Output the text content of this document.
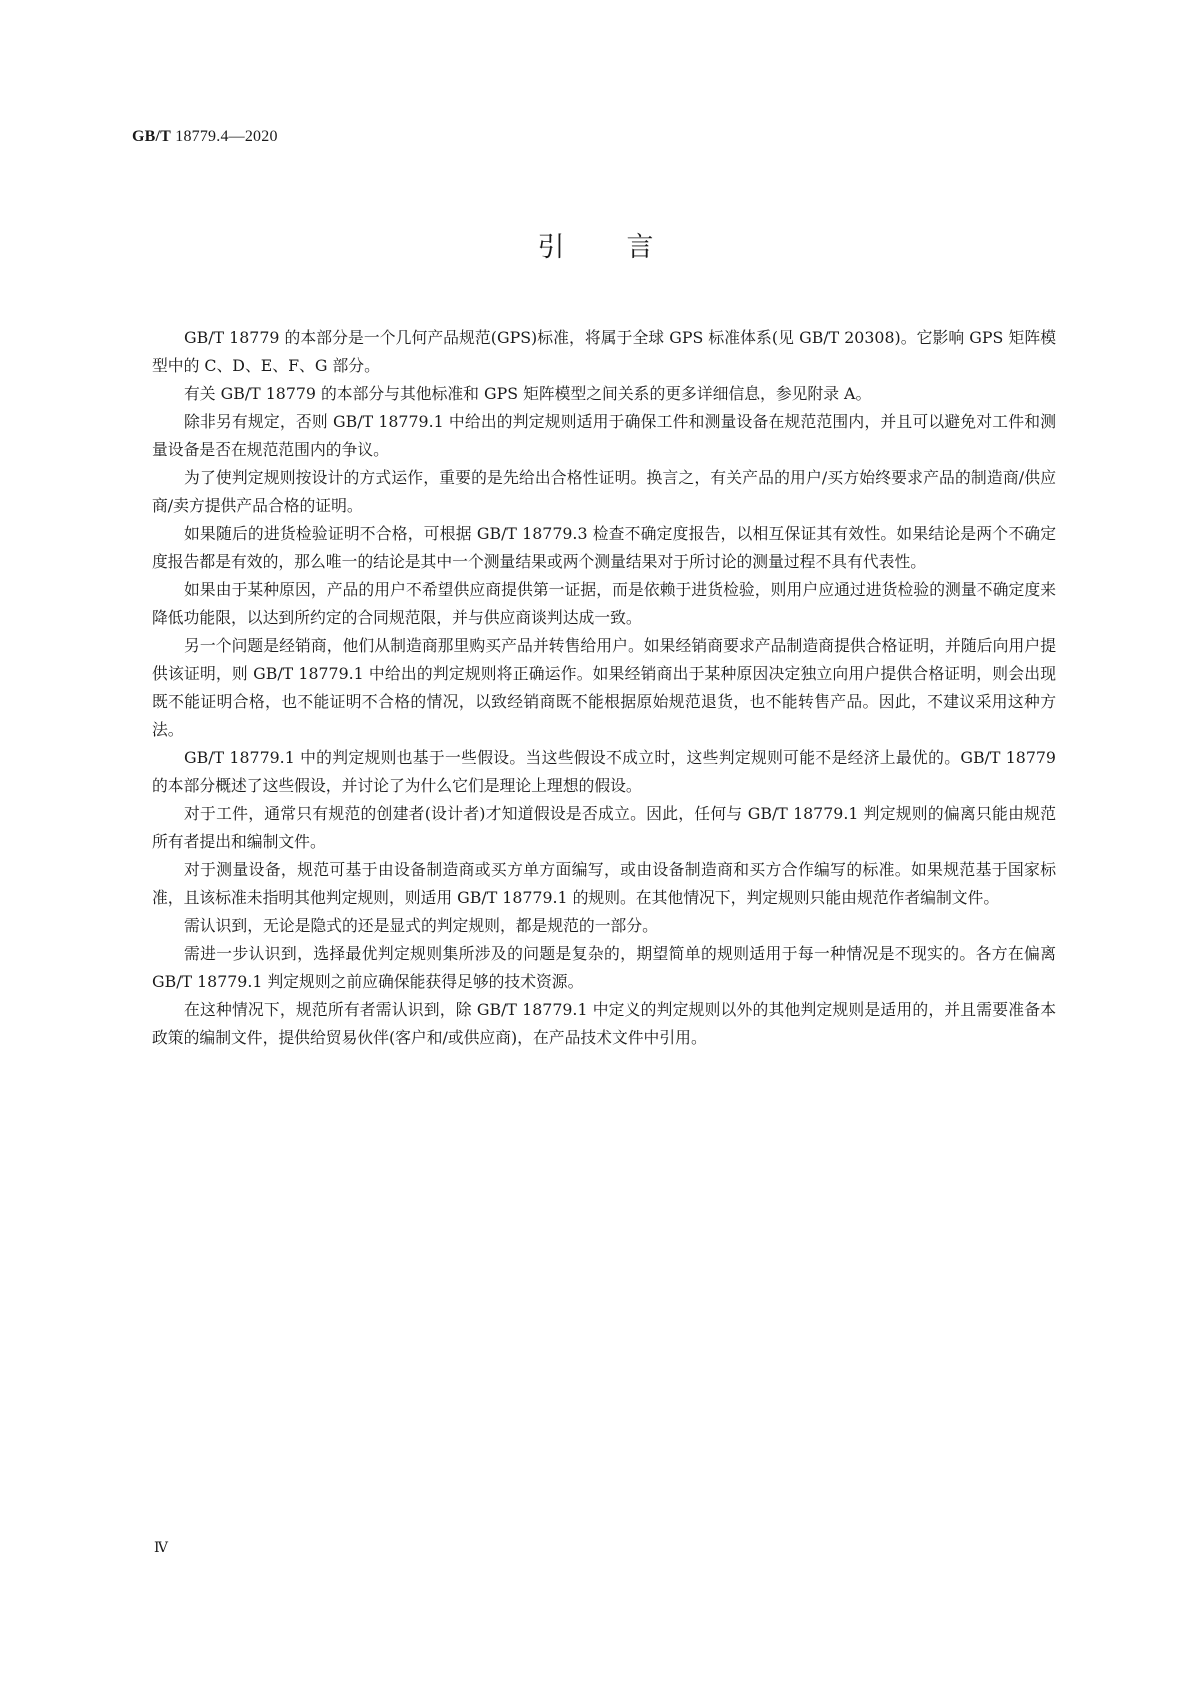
GB/T 18779.4—2020
引言

GB/T 18779 的本部分是一个几何产品规范(GPS)标准，将属于全球 GPS 标准体系(见 GB/T 20308)。它影响 GPS 矩阵模型中的 C、D、E、F、G 部分。

有关 GB/T 18779 的本部分与其他标准和 GPS 矩阵模型之间关系的更多详细信息，参见附录 A。

除非另有规定，否则 GB/T 18779.1 中给出的判定规则适用于确保工件和测量设备在规范范围内，并且可以避免对工件和测量设备是否在规范范围内的争议。

为了使判定规则按设计的方式运作，重要的是先给出合格性证明。换言之，有关产品的用户/买方始终要求产品的制造商/供应商/卖方提供产品合格的证明。

如果随后的进货检验证明不合格，可根据 GB/T 18779.3 检查不确定度报告，以相互保证其有效性。如果结论是两个不确定度报告都是有效的，那么唯一的结论是其中一个测量结果或两个测量结果对于所讨论的测量过程不具有代表性。

如果由于某种原因，产品的用户不希望供应商提供第一证据，而是依赖于进货检验，则用户应通过进货检验的测量不确定度来降低功能限，以达到所约定的合同规范限，并与供应商谈判达成一致。

另一个问题是经销商，他们从制造商那里购买产品并转售给用户。如果经销商要求产品制造商提供合格证明，并随后向用户提供该证明，则 GB/T 18779.1 中给出的判定规则将正确运作。如果经销商出于某种原因决定独立向用户提供合格证明，则会出现既不能证明合格，也不能证明不合格的情况，以致经销商既不能根据原始规范退货，也不能转售产品。因此，不建议采用这种方法。

GB/T 18779.1 中的判定规则也基于一些假设。当这些假设不成立时，这些判定规则可能不是经济上最优的。GB/T 18779 的本部分概述了这些假设，并讨论了为什么它们是理论上理想的假设。

对于工件，通常只有规范的创建者(设计者)才知道假设是否成立。因此，任何与 GB/T 18779.1 判定规则的偏离只能由规范所有者提出和编制文件。

对于测量设备，规范可基于由设备制造商或买方单方面编写，或由设备制造商和买方合作编写的标准。如果规范基于国家标准，且该标准未指明其他判定规则，则适用 GB/T 18779.1 的规则。在其他情况下，判定规则只能由规范作者编制文件。

需认识到，无论是隐式的还是显式的判定规则，都是规范的一部分。

需进一步认识到，选择最优判定规则集所涉及的问题是复杂的，期望简单的规则适用于每一种情况是不现实的。各方在偏离 GB/T 18779.1 判定规则之前应确保能获得足够的技术资源。

在这种情况下，规范所有者需认识到，除 GB/T 18779.1 中定义的判定规则以外的其他判定规则是适用的，并且需要准备本政策的编制文件，提供给贸易伙伴(客户和/或供应商)，在产品技术文件中引用。

Ⅳ
